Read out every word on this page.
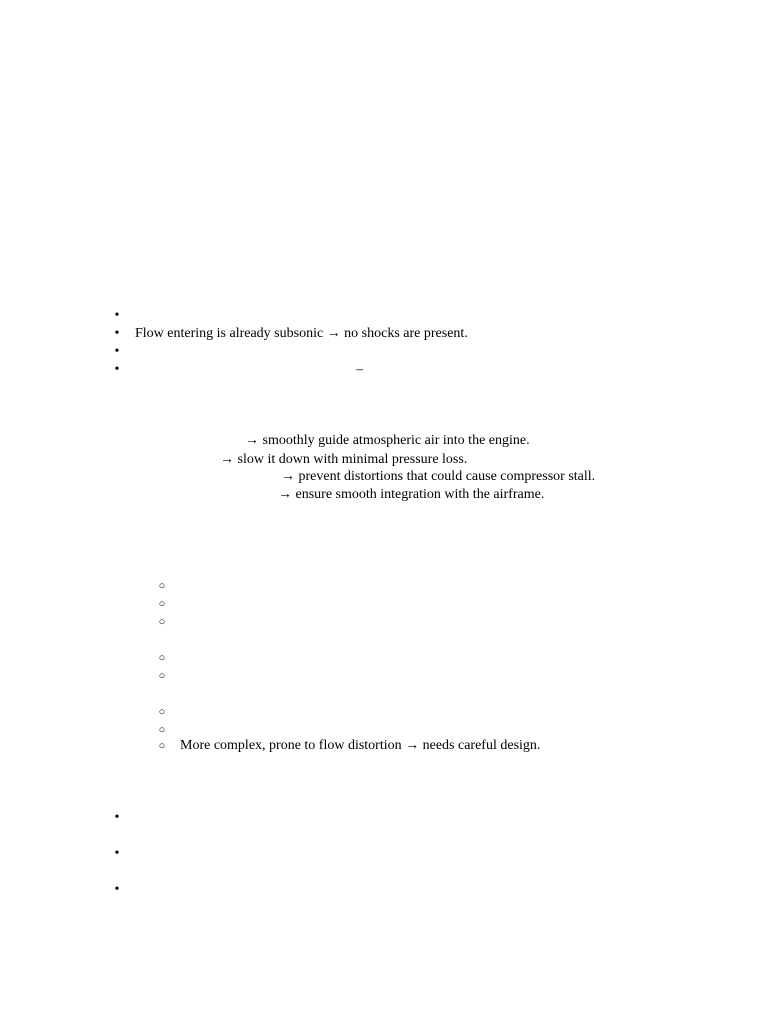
•
•
Flow entering is already subsonic → no shocks are present.
•
•
–
→ smoothly guide atmospheric air into the engine.
→ slow it down with minimal pressure loss.
→ prevent distortions that could cause compressor stall.
→ ensure smooth integration with the airframe.
○
○
○
○
○
○
○
○
More complex, prone to flow distortion → needs careful design.
•
•
•
